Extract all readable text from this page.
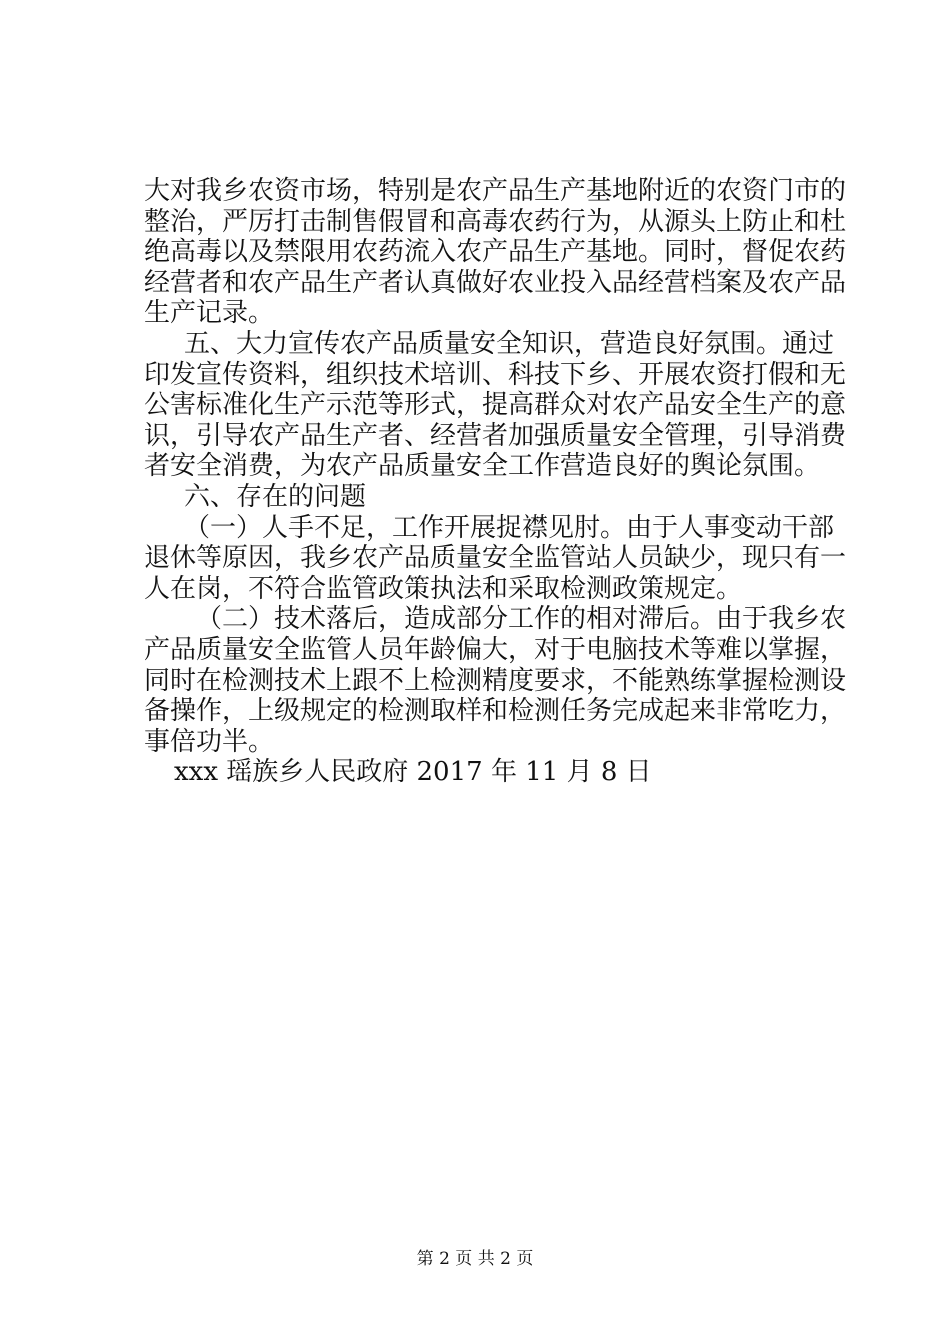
大对我乡农资市场，特别是农产品生产基地附近的农资门市的
整治，严厉打击制售假冒和高毒农药行为，从源头上防止和杜
绝高毒以及禁限用农药流入农产品生产基地。同时，督促农药
经营者和农产品生产者认真做好农业投入品经营档案及农产品
生产记录。
五、大力宣传农产品质量安全知识，营造良好氛围。通过
印发宣传资料，组织技术培训、科技下乡、开展农资打假和无
公害标准化生产示范等形式，提高群众对农产品安全生产的意
识，引导农产品生产者、经营者加强质量安全管理，引导消费
者安全消费，为农产品质量安全工作营造良好的舆论氛围。
六、存在的问题
（一）人手不足，工作开展捉襟见肘。由于人事变动干部
退休等原因，我乡农产品质量安全监管站人员缺少，现只有一
人在岗，不符合监管政策执法和采取检测政策规定。
（二）技术落后，造成部分工作的相对滞后。由于我乡农
产品质量安全监管人员年龄偏大，对于电脑技术等难以掌握，
同时在检测技术上跟不上检测精度要求，不能熟练掌握检测设
备操作，上级规定的检测取样和检测任务完成起来非常吃力，
事倍功半。
xxx 瑶族乡人民政府 2017 年 11 月 8 日
第 2 页 共 2 页
